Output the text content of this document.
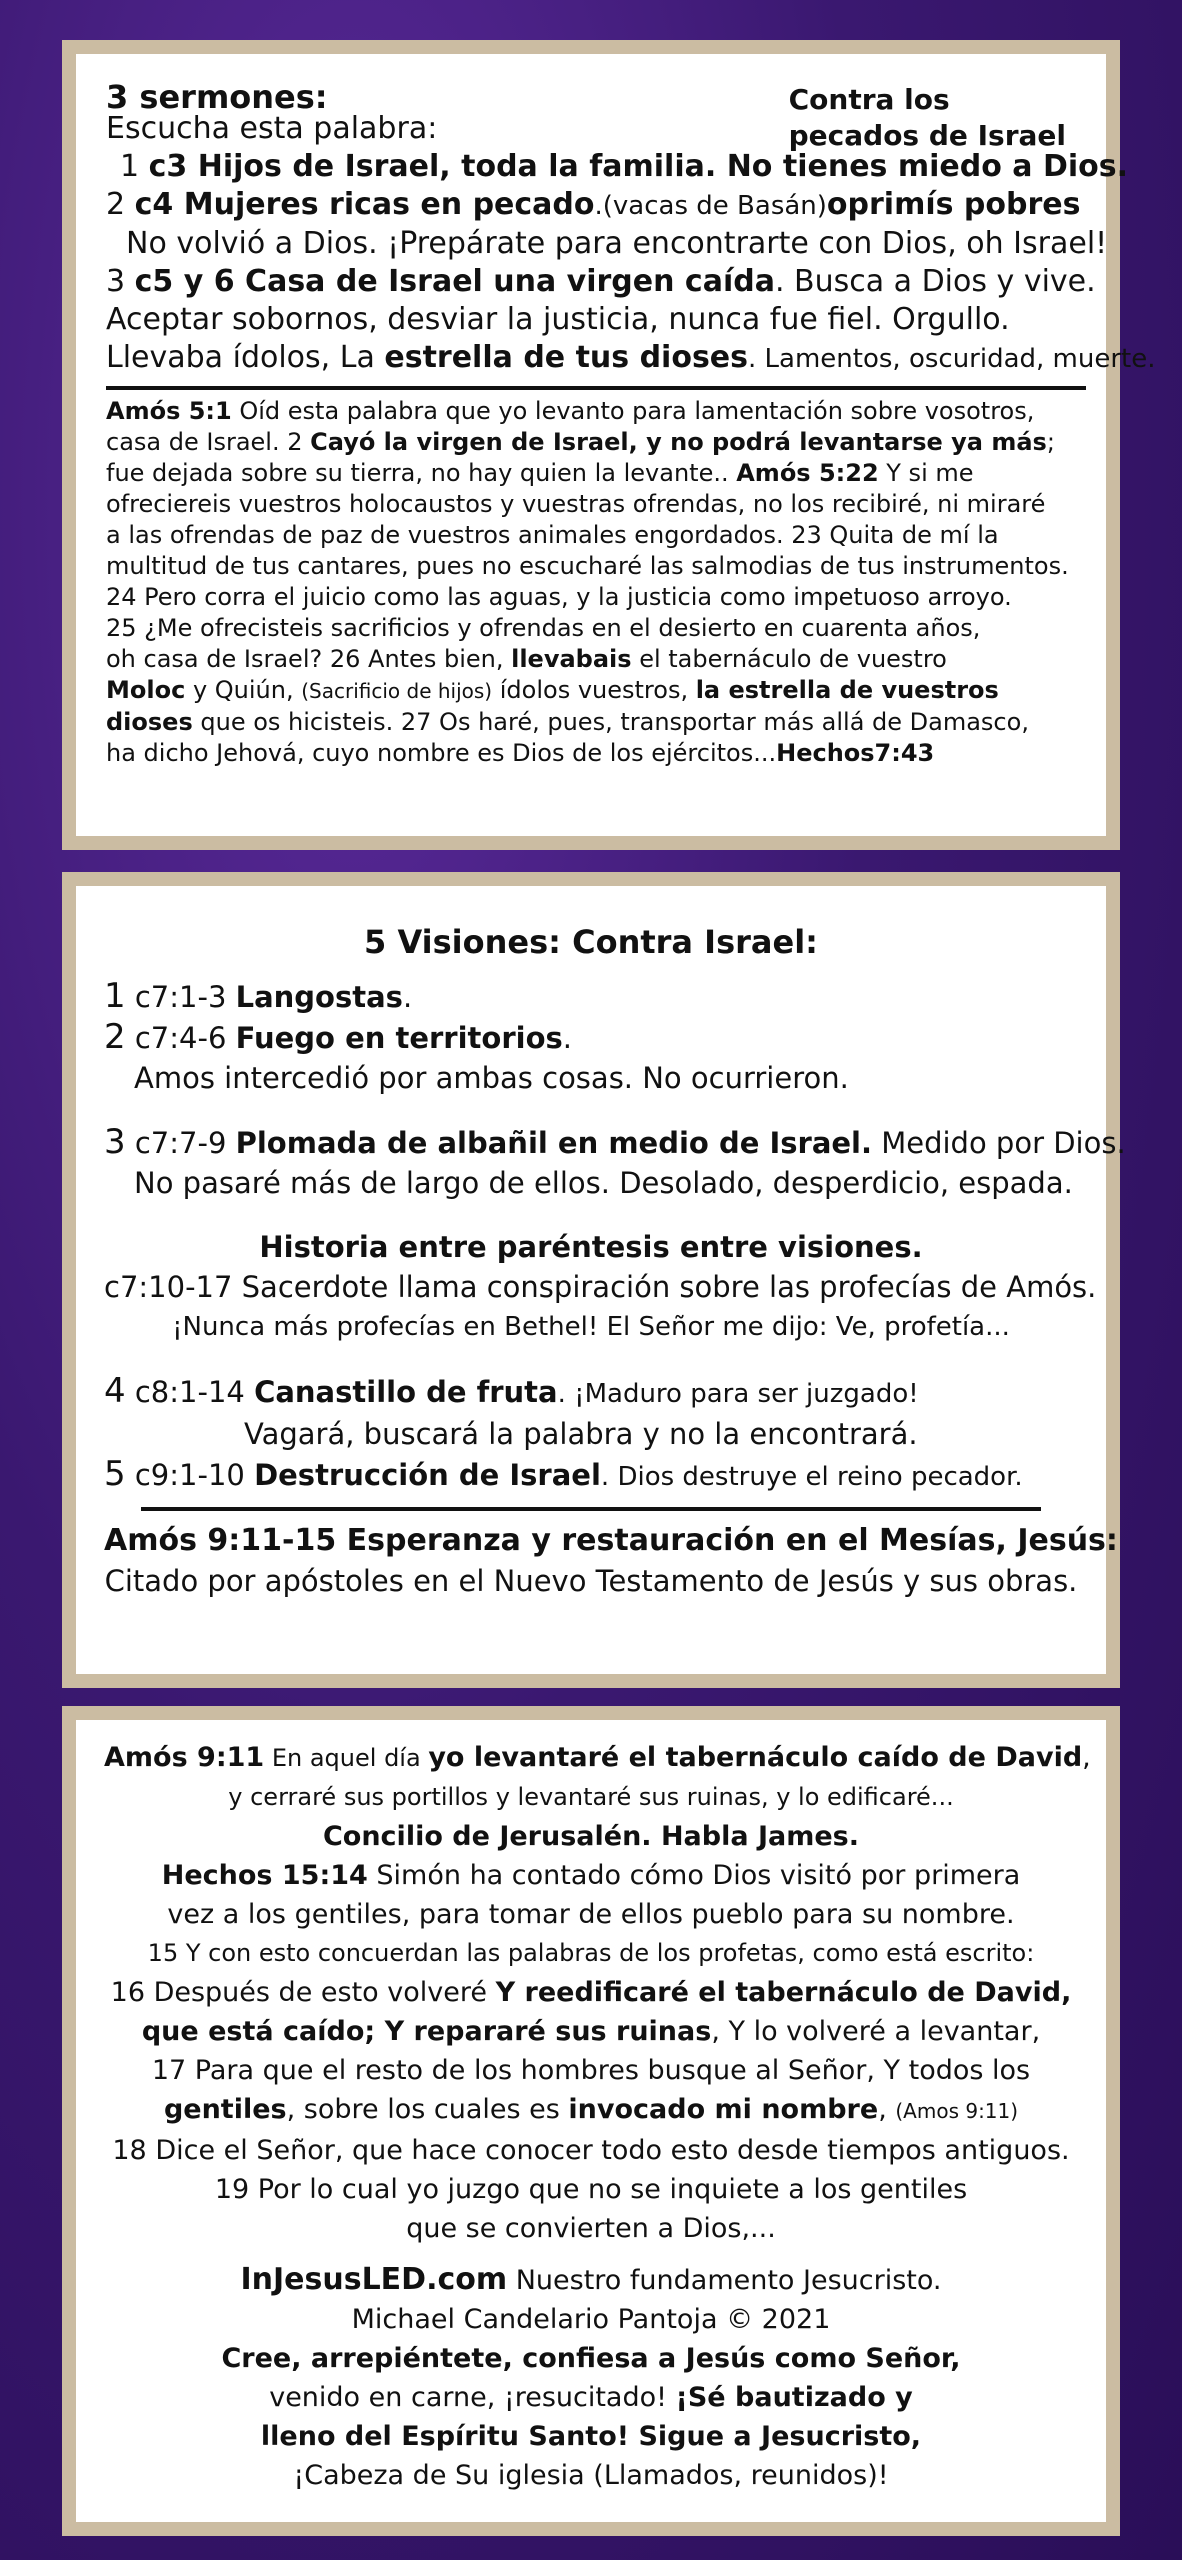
3 sermones:	Contra los
pecados de Israel
Escucha esta palabra:
1 c3 Hijos de Israel, toda la familia. No tienes miedo a Dios.
2 c4 Mujeres ricas en pecado.(vacas de Basán)oprimís pobres
No volvió a Dios. ¡Prepárate para encontrarte con Dios, oh Israel!
3 c5 y 6 Casa de Israel una virgen caída. Busca a Dios y vive.
Aceptar sobornos, desviar la justicia, nunca fue fiel. Orgullo.
Llevaba ídolos, La estrella de tus dioses. Lamentos, oscuridad, muerte.
Amós 5:1 Oíd esta palabra que yo levanto para lamentación sobre vosotros,
casa de Israel. 2 Cayó la virgen de Israel, y no podrá levantarse ya más;
fue dejada sobre su tierra, no hay quien la levante.. Amós 5:22 Y si me
ofreciereis vuestros holocaustos y vuestras ofrendas, no los recibiré, ni miraré
a las ofrendas de paz de vuestros animales engordados. 23 Quita de mí la
multitud de tus cantares, pues no escucharé las salmodias de tus instrumentos.
24 Pero corra el juicio como las aguas, y la justicia como impetuoso arroyo.
25 ¿Me ofrecisteis sacrificios y ofrendas en el desierto en cuarenta años,
oh casa de Israel? 26 Antes bien, llevabais el tabernáculo de vuestro
Moloc y Quiún, (Sacrificio de hijos) ídolos vuestros, la estrella de vuestros
dioses que os hicisteis. 27 Os haré, pues, transportar más allá de Damasco,
ha dicho Jehová, cuyo nombre es Dios de los ejércitos...Hechos7:43
5 Visiones: Contra Israel:
1 c7:1-3 Langostas.
2 c7:4-6 Fuego en territorios.
Amos intercedió por ambas cosas. No ocurrieron.
3 c7:7-9 Plomada de albañil en medio de Israel. Medido por Dios.
No pasaré más de largo de ellos. Desolado, desperdicio, espada.
Historia entre paréntesis entre visiones.
c7:10-17 Sacerdote llama conspiración sobre las profecías de Amós.
¡Nunca más profecías en Bethel! El Señor me dijo: Ve, profetía...
4 c8:1-14 Canastillo de fruta. ¡Maduro para ser juzgado!
Vagará, buscará la palabra y no la encontrará.
5 c9:1-10 Destrucción de Israel. Dios destruye el reino pecador.
Amós 9:11-15 Esperanza y restauración en el Mesías, Jesús:
Citado por apóstoles en el Nuevo Testamento de Jesús y sus obras.
Amós 9:11 En aquel día yo levantaré el tabernáculo caído de David,
y cerraré sus portillos y levantaré sus ruinas, y lo edificaré...
Concilio de Jerusalén. Habla James.
Hechos 15:14 Simón ha contado cómo Dios visitó por primera
vez a los gentiles, para tomar de ellos pueblo para su nombre.
15 Y con esto concuerdan las palabras de los profetas, como está escrito:
16 Después de esto volveré Y reedificaré el tabernáculo de David,
que está caído; Y repararé sus ruinas, Y lo volveré a levantar,
17 Para que el resto de los hombres busque al Señor, Y todos los
gentiles, sobre los cuales es invocado mi nombre, (Amos 9:11)
18 Dice el Señor, que hace conocer todo esto desde tiempos antiguos.
19 Por lo cual yo juzgo que no se inquiete a los gentiles
que se convierten a Dios,...
InJesusLED.com Nuestro fundamento Jesucristo.
Michael Candelario Pantoja © 2021
Cree, arrepiéntete, confiesa a Jesús como Señor,
venido en carne, ¡resucitado! ¡Sé bautizado y
lleno del Espíritu Santo! Sigue a Jesucristo,
¡Cabeza de Su iglesia (Llamados, reunidos)!
